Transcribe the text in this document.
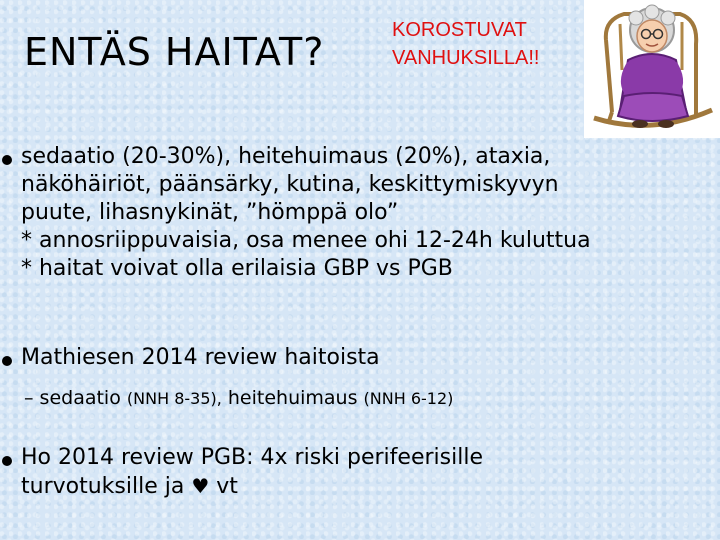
ENTÄS HAITAT?	KOROSTUVAT
VANHUKSILLA!!
sedaatio (20-30%), heitehuimaus (20%), ataxia,
näköhäiriöt, päänsärky, kutina, keskittymiskyvyn
puute, lihasnykinät, ”hömppä olo”
* annosriippuvaisia, osa menee ohi 12-24h kuluttua
* haitat voivat olla erilaisia GBP vs PGB
Mathiesen 2014 review haitoista
– sedaatio (NNH 8-35), heitehuimaus (NNH 6-12)
Ho 2014 review PGB: 4x riski perifeerisille
turvotuksille ja ♥ vt
